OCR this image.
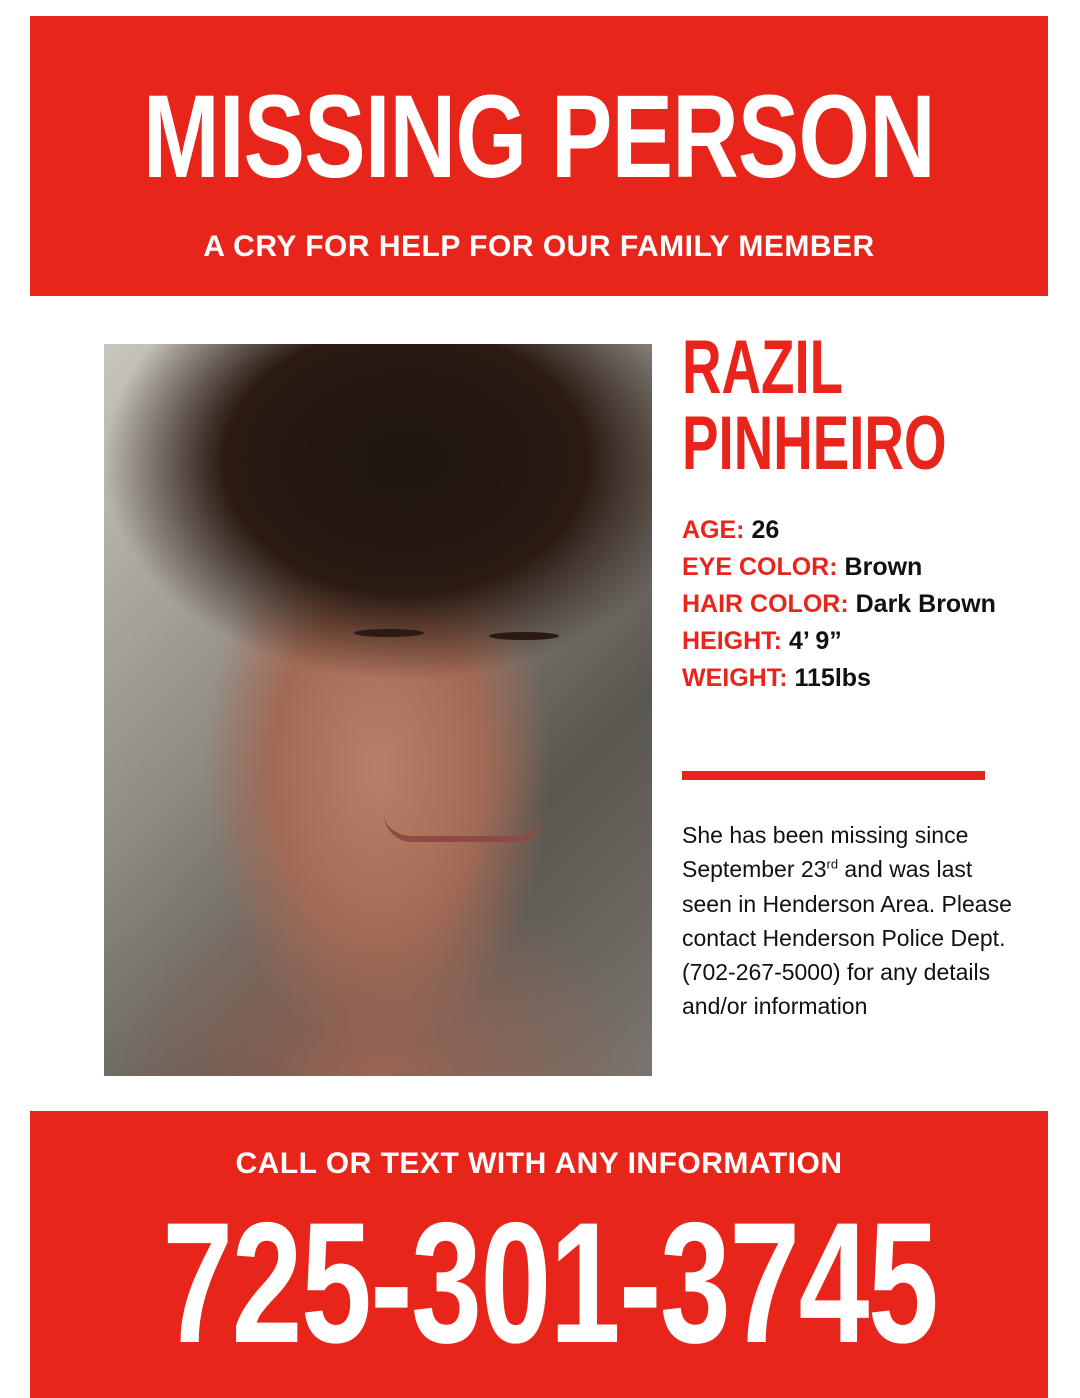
MISSING PERSON
A CRY FOR HELP FOR OUR FAMILY MEMBER
RAZIL
PINHEIRO
AGE: 26
EYE COLOR: Brown
HAIR COLOR: Dark Brown
HEIGHT: 4’ 9”
WEIGHT: 115lbs
She has been missing since September 23rd and was last seen in Henderson Area. Please contact Henderson Police Dept. (702-267-5000) for any details and/or information
CALL OR TEXT WITH ANY INFORMATION
725-301-3745
